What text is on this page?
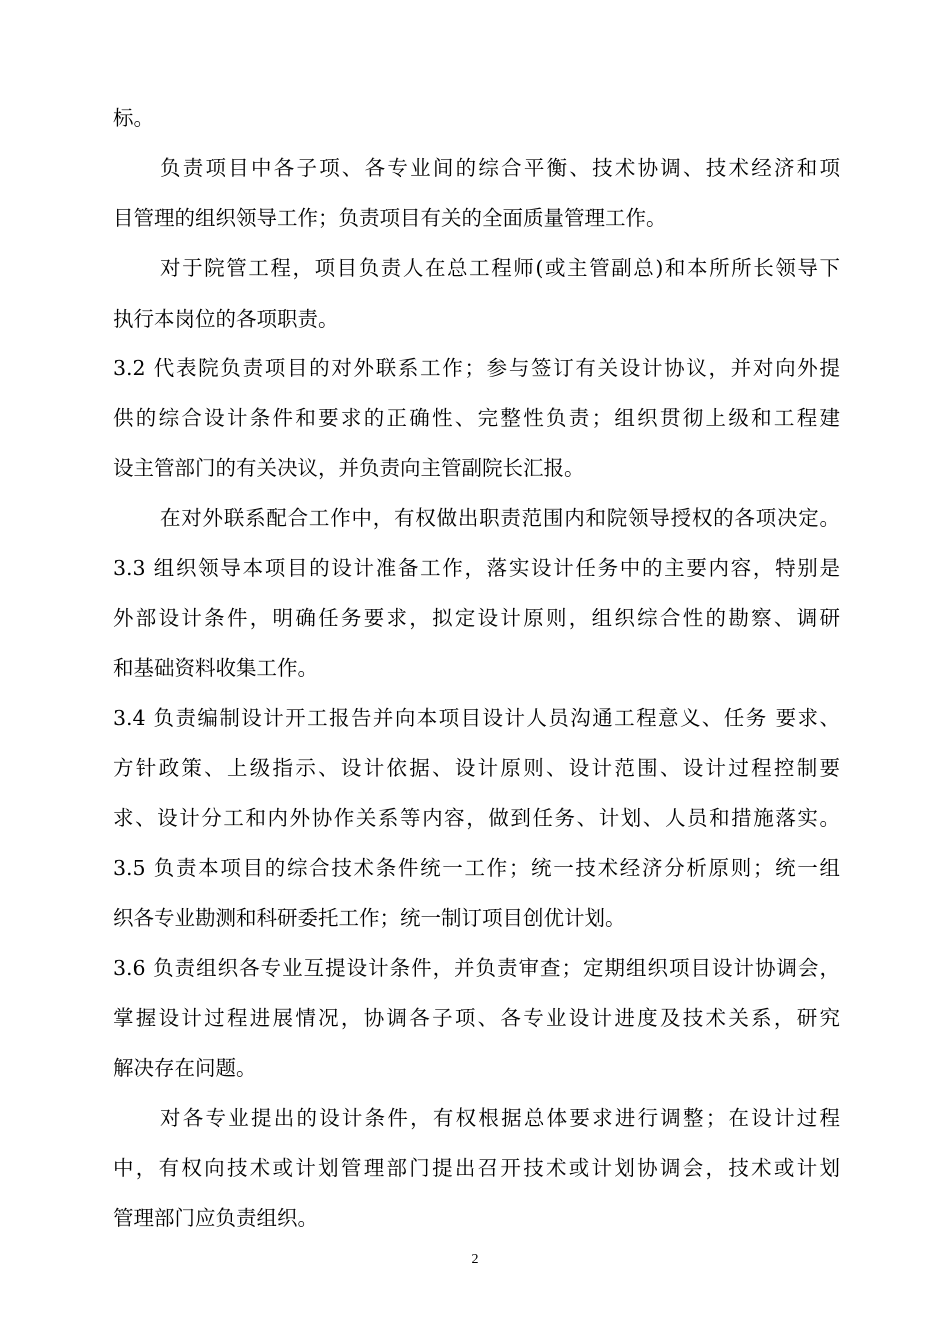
标。
负责项目中各子项、各专业间的综合平衡、技术协调、技术经济和项
目管理的组织领导工作；负责项目有关的全面质量管理工作。
对于院管工程，项目负责人在总工程师(或主管副总)和本所所长领导下
执行本岗位的各项职责。
3.2 代表院负责项目的对外联系工作；参与签订有关设计协议，并对向外提
供的综合设计条件和要求的正确性、完整性负责；组织贯彻上级和工程建
设主管部门的有关决议，并负责向主管副院长汇报。
在对外联系配合工作中，有权做出职责范围内和院领导授权的各项决定。
3.3 组织领导本项目的设计准备工作，落实设计任务中的主要内容，特别是
外部设计条件，明确任务要求，拟定设计原则，组织综合性的勘察、调研
和基础资料收集工作。
3.4 负责编制设计开工报告并向本项目设计人员沟通工程意义、任务 要求、
方针政策、上级指示、设计依据、设计原则、设计范围、设计过程控制要
求、设计分工和内外协作关系等内容，做到任务、计划、人员和措施落实。
3.5 负责本项目的综合技术条件统一工作；统一技术经济分析原则；统一组
织各专业勘测和科研委托工作；统一制订项目创优计划。
3.6 负责组织各专业互提设计条件，并负责审查；定期组织项目设计协调会，
掌握设计过程进展情况，协调各子项、各专业设计进度及技术关系，研究
解决存在问题。
对各专业提出的设计条件，有权根据总体要求进行调整；在设计过程
中，有权向技术或计划管理部门提出召开技术或计划协调会，技术或计划
管理部门应负责组织。
2
